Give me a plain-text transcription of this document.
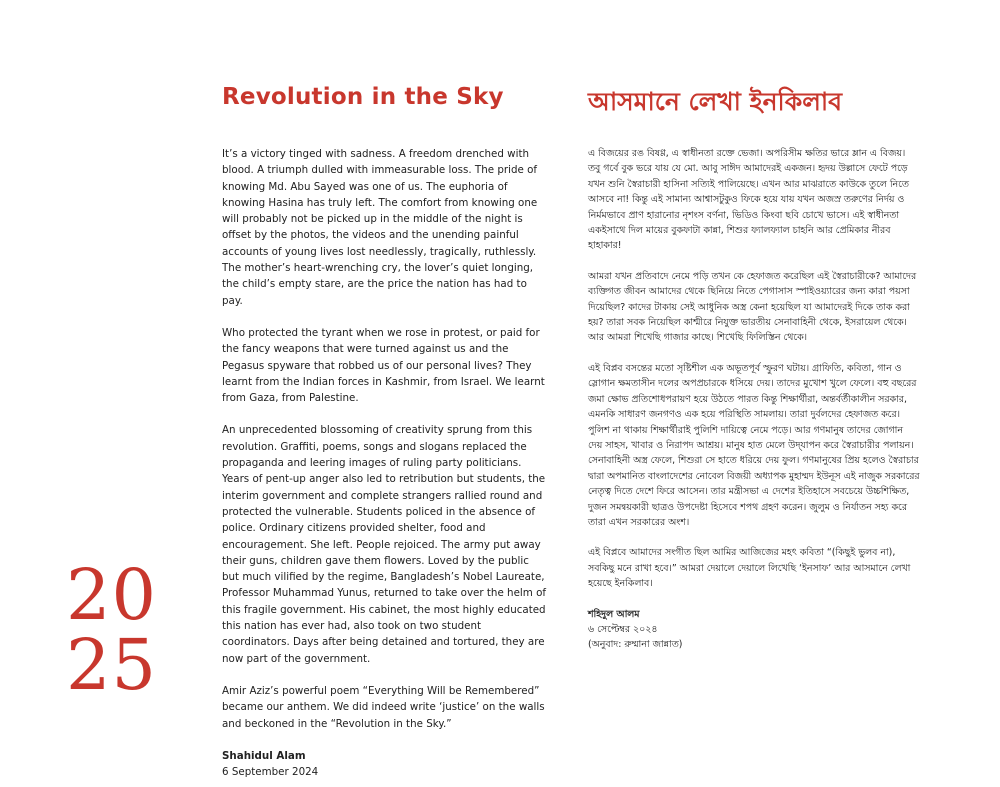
Revolution in the Sky	আসমানে লেখা ইনকিলাব

It’s a victory tinged with sadness. A freedom drenched with blood. A triumph dulled with immeasurable loss. The pride of knowing Md. Abu Sayed was one of us. The euphoria of knowing Hasina has truly left. The comfort from knowing one will probably not be picked up in the middle of the night is offset by the photos, the videos and the unending painful accounts of young lives lost needlessly, tragically, ruthlessly. The mother’s heart-wrenching cry, the lover’s quiet longing, the child’s empty stare, are the price the nation has had to pay.

Who protected the tyrant when we rose in protest, or paid for the fancy weapons that were turned against us and the Pegasus spyware that robbed us of our personal lives? They learnt from the Indian forces in Kashmir, from Israel. We learnt from Gaza, from Palestine.

An unprecedented blossoming of creativity sprung from this revolution. Graffiti, poems, songs and slogans replaced the propaganda and leering images of ruling party politicians. Years of pent-up anger also led to retribution but students, the interim government and complete strangers rallied round and protected the vulnerable. Students policed in the absence of police. Ordinary citizens provided shelter, food and encouragement. She left. People rejoiced. The army put away their guns, children gave them flowers. Loved by the public but much vilified by the regime, Bangladesh’s Nobel Laureate, Professor Muhammad Yunus, returned to take over the helm of this fragile government. His cabinet, the most highly educated this nation has ever had, also took on two student coordinators. Days after being detained and tortured, they are now part of the government.

Amir Aziz’s powerful poem “Everything Will be Remembered” became our anthem. We did indeed write ‘justice’ on the walls and beckoned in the “Revolution in the Sky.”

Shahidul Alam
6 September 2024

এ বিজয়ের রঙ বিষণ্ণ, এ স্বাধীনতা রক্তে ভেজা। অপরিসীম ক্ষতির ভারে ম্লান এ বিজয়। তবু গর্বে বুক ভরে যায় যে মো. আবু সাঈদ আমাদেরই একজন। হৃদয় উল্লাসে ফেটে পড়ে যখন শুনি স্বৈরাচারী হাসিনা সত্যিই পালিয়েছে। এখন আর মাঝরাতে কাউকে তুলে নিতে আসবে না! কিন্তু এই সামান্য আশ্বাসটুকুও ফিকে হয়ে যায় যখন অজস্র তরুণের নির্দয় ও নির্মমভাবে প্রাণ হারানোর নৃশংস বর্ণনা, ভিডিও কিংবা ছবি চোখে ভাসে। এই স্বাধীনতা একইসাথে দিল মায়ের বুকফাটা কান্না, শিশুর ফ্যালফ্যাল চাহনি আর প্রেমিকার নীরব হাহাকার!

আমরা যখন প্রতিবাদে নেমে পড়ি তখন কে হেফাজত করেছিল এই স্বৈরাচারীকে? আমাদের ব্যক্তিগত জীবন আমাদের থেকে ছিনিয়ে নিতে পেগাসাস স্পাইওয়্যারের জন্য কারা পয়সা দিয়েছিল? কাদের টাকায় সেই আধুনিক অস্ত্র কেনা হয়েছিল যা আমাদেরই দিকে তাক করা হয়? তারা সবক নিয়েছিল কাশ্মীরে নিযুক্ত ভারতীয় সেনাবাহিনী থেকে, ইসরায়েল থেকে। আর আমরা শিখেছি গাজার কাছে। শিখেছি ফিলিস্তিন থেকে।

এই বিপ্লব বসন্তের মতো সৃষ্টিশীল এক অভূতপূর্ব স্ফুরণ ঘটায়। গ্রাফিতি, কবিতা, গান ও স্লোগান ক্ষমতাসীন দলের অপপ্রচারকে ধসিয়ে দেয়। তাদের মুখোশ খুলে ফেলে। বহু বছরের জমা ক্ষোভ প্রতিশোধপরায়ণ হয়ে উঠতে পারত কিন্তু শিক্ষার্থীরা, অন্তর্বর্তীকালীন সরকার, এমনকি সাধারণ জনগণও এক হয়ে পরিস্থিতি সামলায়। তারা দুর্বলদের হেফাজত করে। পুলিশ না থাকায় শিক্ষার্থীরাই পুলিশি দায়িত্বে নেমে পড়ে। আর গণমানুষ তাদের জোগান দেয় সাহস, খাবার ও নিরাপদ আশ্রয়। মানুষ হাত মেলে উদ্‌যাপন করে স্বৈরাচারীর পলায়ন। সেনাবাহিনী অস্ত্র ফেলে, শিশুরা সে হাতে ধরিয়ে দেয় ফুল। গণমানুষের প্রিয় হলেও স্বৈরাচার দ্বারা অপমানিত বাংলাদেশের নোবেল বিজয়ী অধ্যাপক মুহাম্মদ ইউনূস এই নাজুক সরকারের নেতৃত্ব দিতে দেশে ফিরে আসেন। তার মন্ত্রীসভা এ দেশের ইতিহাসে সবচেয়ে উচ্চশিক্ষিত, দুজন সমন্বয়কারী ছাত্রও উপদেষ্টা হিসেবে শপথ গ্রহণ করেন। জুলুম ও নির্যাতন সহ্য করে তারা এখন সরকারের অংশ।

এই বিপ্লবে আমাদের সংগীত ছিল আমির আজিজের মহৎ কবিতা “(কিছুই ভুলব না), সবকিছু মনে রাখা হবে।” আমরা দেয়ালে দেয়ালে লিখেছি ‘ইনসাফ’ আর আসমানে লেখা হয়েছে ইনকিলাব।

শহিদুল আলম
৬ সেপ্টেম্বর ২০২৪
(অনুবাদ: রুম্মানা জান্নাত)
20
25
